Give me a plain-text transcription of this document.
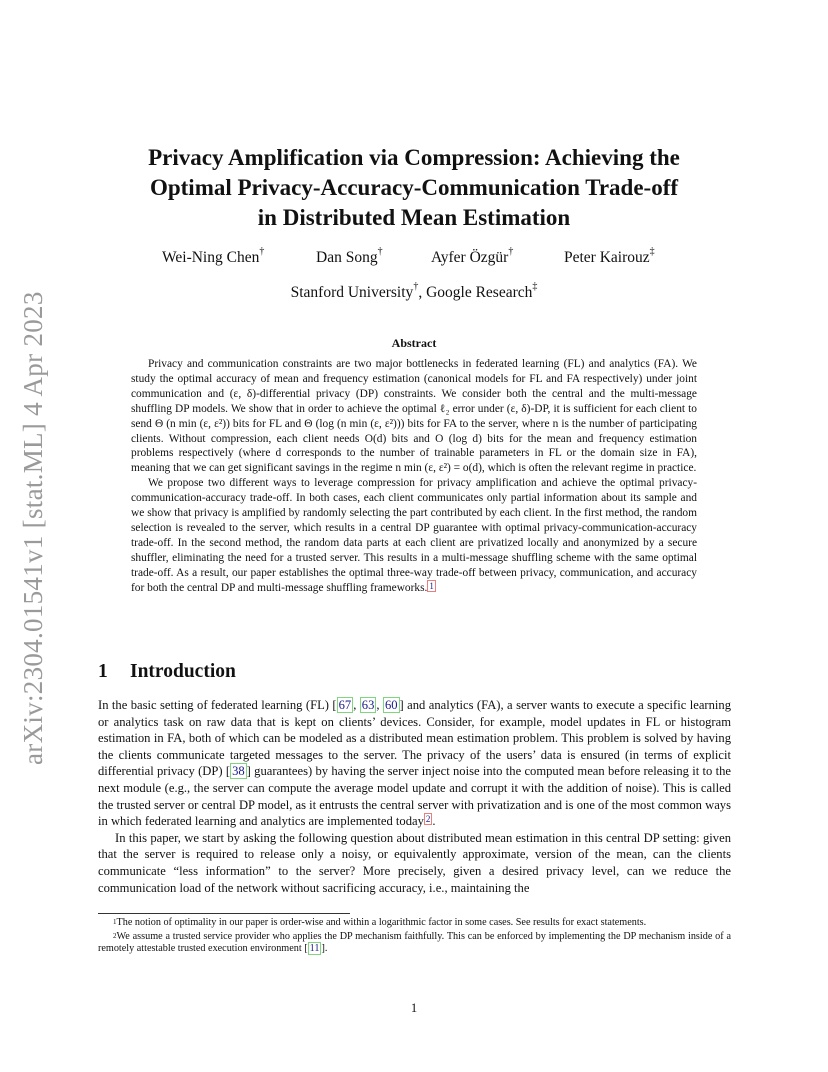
arXiv:2304.01541v1 [stat.ML] 4 Apr 2023
Privacy Amplification via Compression: Achieving the
Optimal Privacy-Accuracy-Communication Trade-off
in Distributed Mean Estimation
Wei-Ning Chen†	Dan Song†	Ayfer Özgür†	Peter Kairouz‡
Stanford University†, Google Research‡
Abstract

Privacy and communication constraints are two major bottlenecks in federated learning (FL) and analytics (FA). We study the optimal accuracy of mean and frequency estimation (canonical models for FL and FA respectively) under joint communication and (ε, δ)-differential privacy (DP) constraints. We consider both the central and the multi-message shuffling DP models. We show that in order to achieve the optimal ℓ₂ error under (ε, δ)-DP, it is sufficient for each client to send Θ (n min (ε, ε²)) bits for FL and Θ (log (n min (ε, ε²))) bits for FA to the server, where n is the number of participating clients. Without compression, each client needs O(d) bits and O (log d) bits for the mean and frequency estimation problems respectively (where d corresponds to the number of trainable parameters in FL or the domain size in FA), meaning that we can get significant savings in the regime n min (ε, ε²) = o(d), which is often the relevant regime in practice.

We propose two different ways to leverage compression for privacy amplification and achieve the optimal privacy-communication-accuracy trade-off. In both cases, each client communicates only partial information about its sample and we show that privacy is amplified by randomly selecting the part contributed by each client. In the first method, the random selection is revealed to the server, which results in a central DP guarantee with optimal privacy-communication-accuracy trade-off. In the second method, the random data parts at each client are privatized locally and anonymized by a secure shuffler, eliminating the need for a trusted server. This results in a multi-message shuffling scheme with the same optimal trade-off. As a result, our paper establishes the optimal three-way trade-off between privacy, communication, and accuracy for both the central DP and multi-message shuffling frameworks. $^1$

1 Introduction

In the basic setting of federated learning (FL) [ 67 , 63 , 60 ] and analytics (FA), a server wants to execute a specific learning or analytics task on raw data that is kept on clients’ devices. Consider, for example, model updates in FL or histogram estimation in FA, both of which can be modeled as a distributed mean estimation problem. This problem is solved by having the clients communicate targeted messages to the server. The privacy of the users’ data is ensured (in terms of explicit differential privacy (DP) [ 38 ] guarantees) by having the server inject noise into the computed mean before releasing it to the next module (e.g., the server can compute the average model update and corrupt it with the addition of noise). This is called the trusted server or central DP model, as it entrusts the central server with privatization and is one of the most common ways in which federated learning and analytics are implemented today $^2$ .

In this paper, we start by asking the following question about distributed mean estimation in this central DP setting: given that the server is required to release only a noisy, or equivalently approximate, version of the mean, can the clients communicate “less information” to the server? More precisely, given a desired privacy level, can we reduce the communication load of the network without sacrificing accuracy, i.e., maintaining the

$^1$The notion of optimality in our paper is order-wise and within a logarithmic factor in some cases. See results for exact statements.

$^2$We assume a trusted service provider who applies the DP mechanism faithfully. This can be enforced by implementing the DP mechanism inside of a remotely attestable trusted execution environment [ 11 ].

1
